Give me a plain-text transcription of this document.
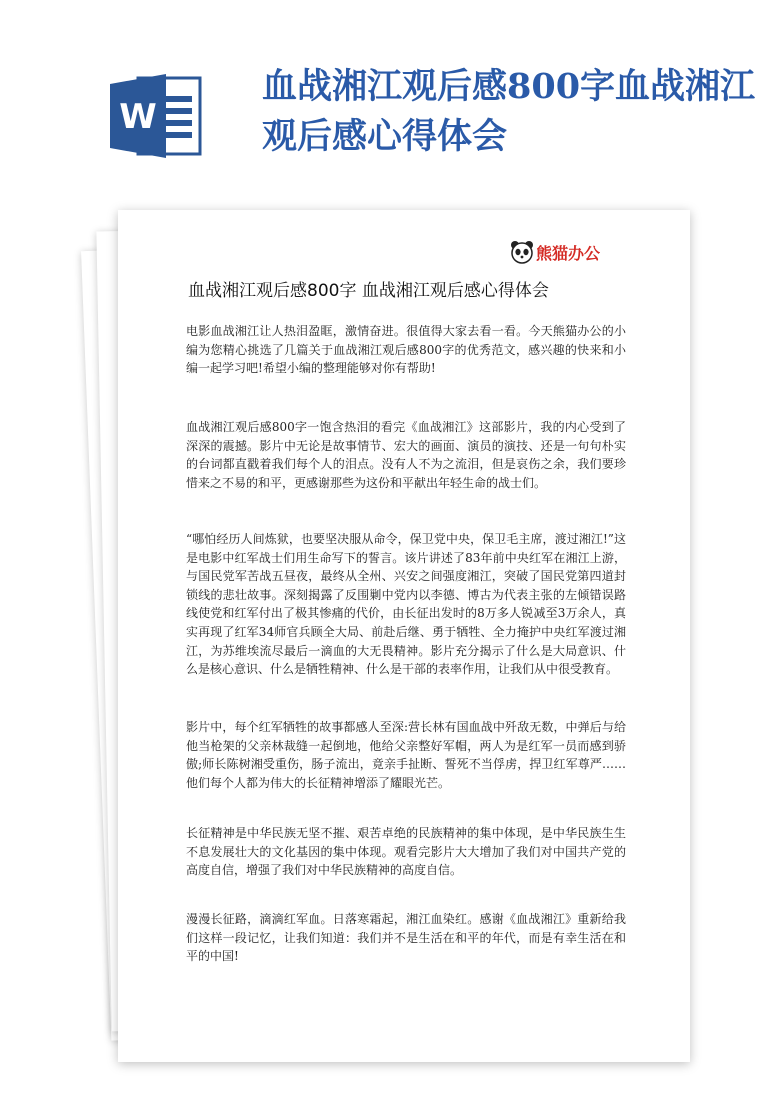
W
血战湘江观后感800字血战湘江观后感心得体会
熊猫办公
血战湘江观后感800字 血战湘江观后感心得体会

电影血战湘江让人热泪盈眶，激情奋进。很值得大家去看一看。今天熊猫办公的小编为您精心挑选了几篇关于血战湘江观后感800字的优秀范文，感兴趣的快来和小编一起学习吧!希望小编的整理能够对你有帮助!

血战湘江观后感800字一饱含热泪的看完《血战湘江》这部影片，我的内心受到了深深的震撼。影片中无论是故事情节、宏大的画面、演员的演技、还是一句句朴实的台词都直戳着我们每个人的泪点。没有人不为之流泪，但是哀伤之余，我们要珍惜来之不易的和平，更感谢那些为这份和平献出年轻生命的战士们。

“哪怕经历人间炼狱，也要坚决服从命令，保卫党中央，保卫毛主席，渡过湘江!”这是电影中红军战士们用生命写下的誓言。该片讲述了83年前中央红军在湘江上游，与国民党军苦战五昼夜，最终从全州、兴安之间强度湘江，突破了国民党第四道封锁线的悲壮故事。深刻揭露了反围剿中党内以李德、博古为代表主张的左倾错误路线使党和红军付出了极其惨痛的代价，由长征出发时的8万多人锐减至3万余人，真实再现了红军34师官兵顾全大局、前赴后继、勇于牺牲、全力掩护中央红军渡过湘江，为苏维埃流尽最后一滴血的大无畏精神。影片充分揭示了什么是大局意识、什么是核心意识、什么是牺牲精神、什么是干部的表率作用，让我们从中很受教育。

影片中，每个红军牺牲的故事都感人至深:营长林有国血战中歼敌无数，中弹后与给他当枪架的父亲林裁缝一起倒地，他给父亲整好军帽，两人为是红军一员而感到骄傲;师长陈树湘受重伤，肠子流出，竟亲手扯断、誓死不当俘虏，捍卫红军尊严……他们每个人都为伟大的长征精神增添了耀眼光芒。

长征精神是中华民族无坚不摧、艰苦卓绝的民族精神的集中体现，是中华民族生生不息发展壮大的文化基因的集中体现。观看完影片大大增加了我们对中国共产党的高度自信，增强了我们对中华民族精神的高度自信。

漫漫长征路，滴滴红军血。日落寒霜起，湘江血染红。感谢《血战湘江》重新给我们这样一段记忆，让我们知道：我们并不是生活在和平的年代，而是有幸生活在和平的中国!
